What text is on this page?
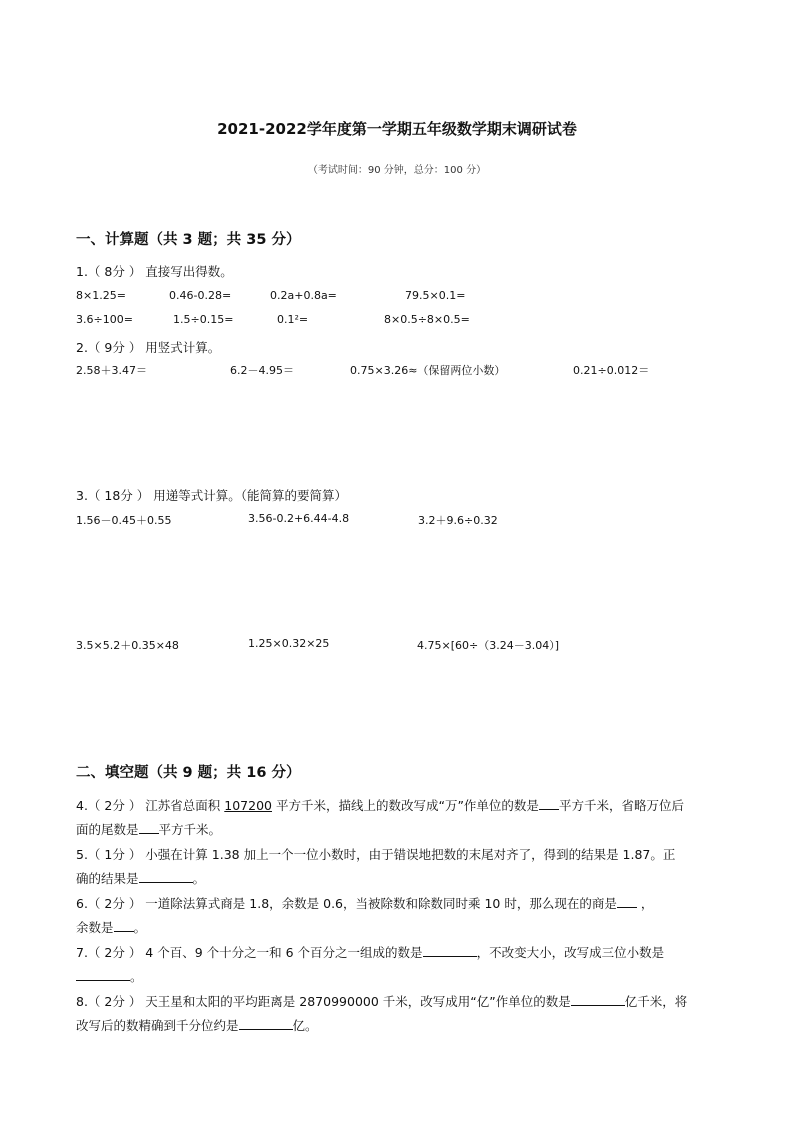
2021-2022学年度第一学期五年级数学期末调研试卷
（考试时间：90 分钟，总分：100 分）
一、计算题（共 3 题；共 35 分）
1.（ 8分 ） 直接写出得数。
8×1.25=	0.46-0.28=	0.2a+0.8a=	79.5×0.1=
3.6÷100=	1.5÷0.15=	0.1²=	8×0.5÷8×0.5=
2.（ 9分 ） 用竖式计算。
2.58＋3.47＝	6.2－4.95＝	0.75×3.26≈（保留两位小数）	0.21÷0.012＝
3.（ 18分 ） 用递等式计算。（能简算的要简算）
1.56－0.45＋0.55	3.56-0.2+6.44-4.8	3.2＋9.6÷0.32
3.5×5.2＋0.35×48	1.25×0.32×25	4.75×[60÷（3.24－3.04）]
二、填空题（共 9 题；共 16 分）
4.（ 2分 ） 江苏省总面积 107200 平方千米，描线上的数改写成“万”作单位的数是 平方千米，省略万位后
面的尾数是 平方千米。
5.（ 1分 ） 小强在计算 1.38 加上一个一位小数时，由于错误地把数的末尾对齐了，得到的结果是 1.87。正
确的结果是	。
6.（ 2分 ） 一道除法算式商是 1.8，余数是 0.6，当被除数和除数同时乘 10 时，那么现在的商是 ，
余数是 。
7.（ 2分 ） 4 个百、9 个十分之一和 6 个百分之一组成的数是	，不改变大小，改写成三位小数是
。
8.（ 2分 ） 天王星和太阳的平均距离是 2870990000 千米，改写成用“亿”作单位的数是	亿千米，将
改写后的数精确到千分位约是	亿。
